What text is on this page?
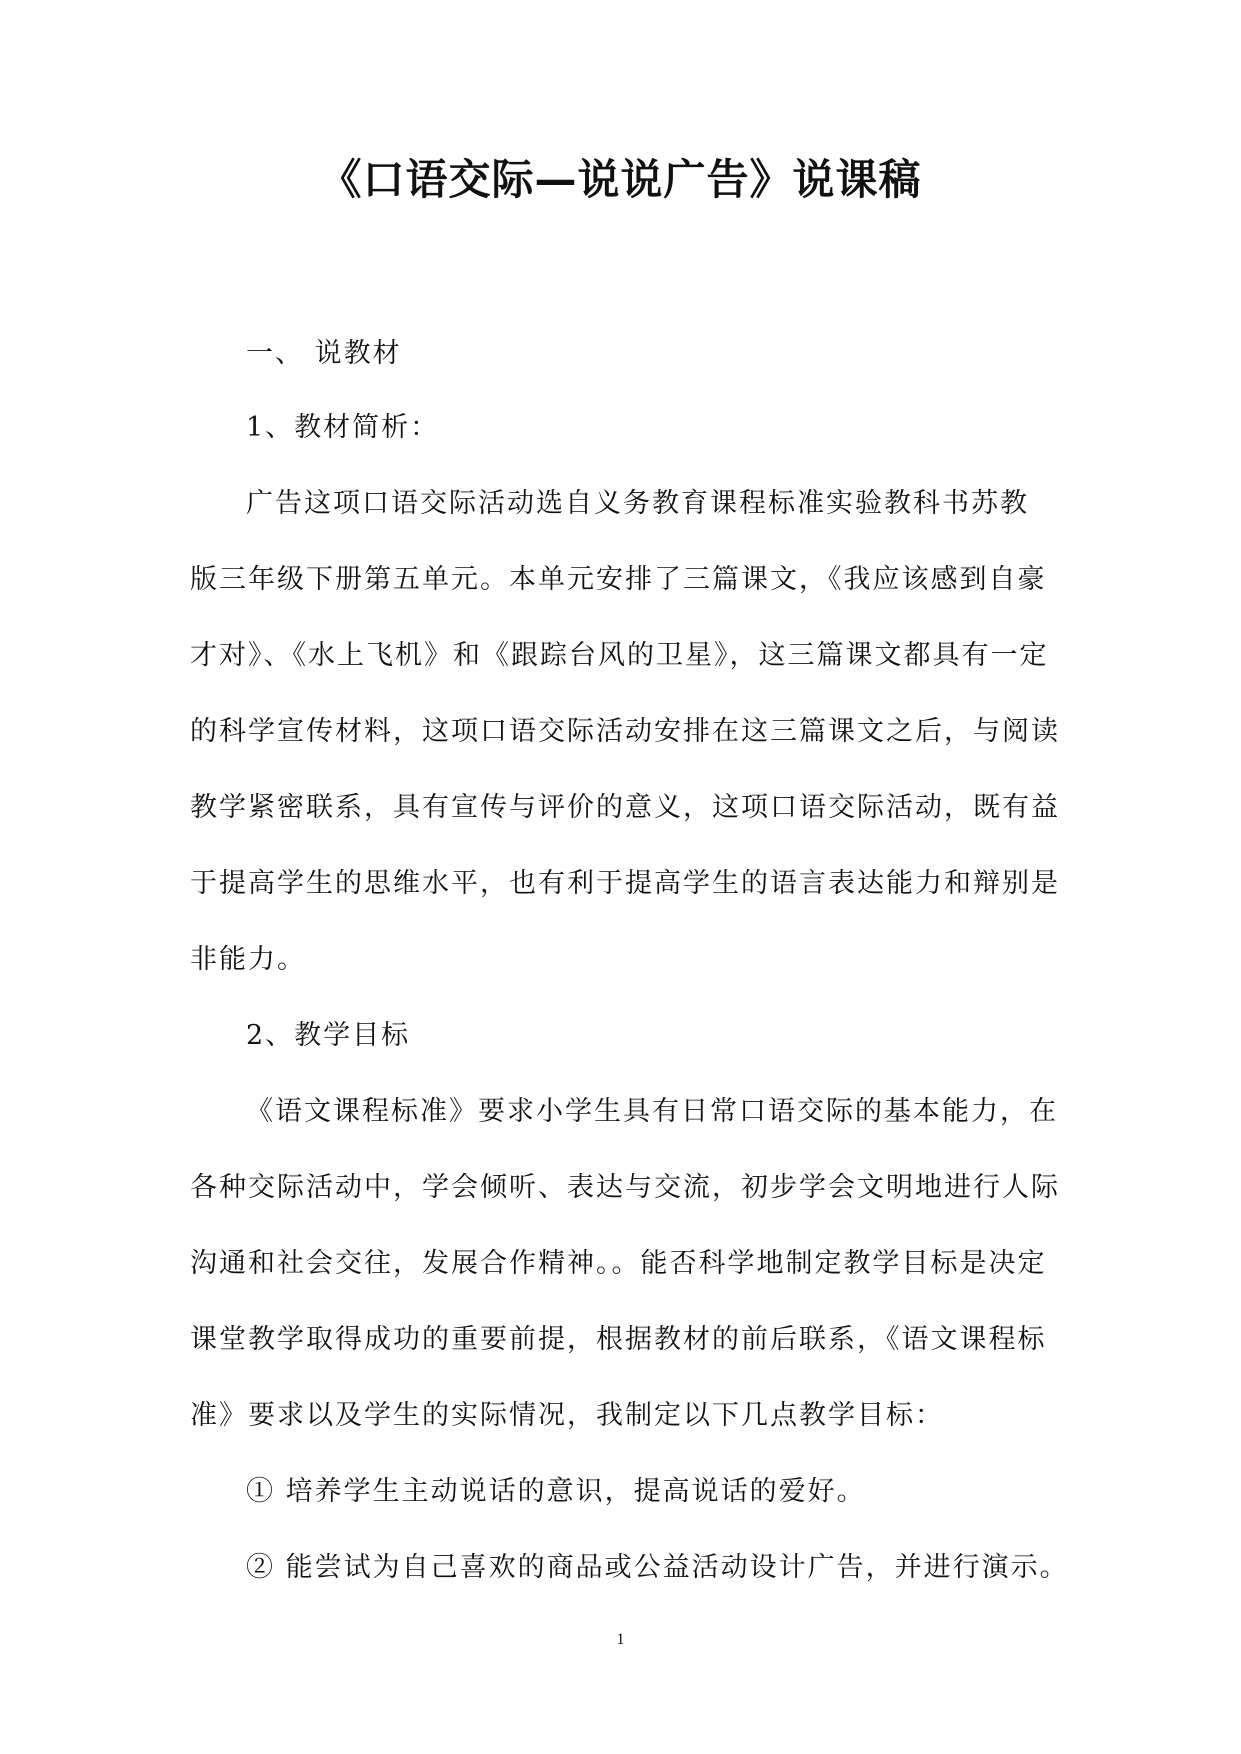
《口语交际—说说广告》说课稿
一、 说教材
1、教材简析：
广告这项口语交际活动选自义务教育课程标准实验教科书苏教
版三年级下册第五单元。本单元安排了三篇课文，《我应该感到自豪
才对》、《水上飞机》和《跟踪台风的卫星》，这三篇课文都具有一定
的科学宣传材料，这项口语交际活动安排在这三篇课文之后，与阅读
教学紧密联系，具有宣传与评价的意义，这项口语交际活动，既有益
于提高学生的思维水平，也有利于提高学生的语言表达能力和辩别是
非能力。
2、教学目标
《语文课程标准》要求小学生具有日常口语交际的基本能力，在
各种交际活动中，学会倾听、表达与交流，初步学会文明地进行人际
沟通和社会交往，发展合作精神。。能否科学地制定教学目标是决定
课堂教学取得成功的重要前提，根据教材的前后联系，《语文课程标
准》要求以及学生的实际情况，我制定以下几点教学目标：
① 培养学生主动说话的意识，提高说话的爱好。
② 能尝试为自己喜欢的商品或公益活动设计广告，并进行演示。
1
